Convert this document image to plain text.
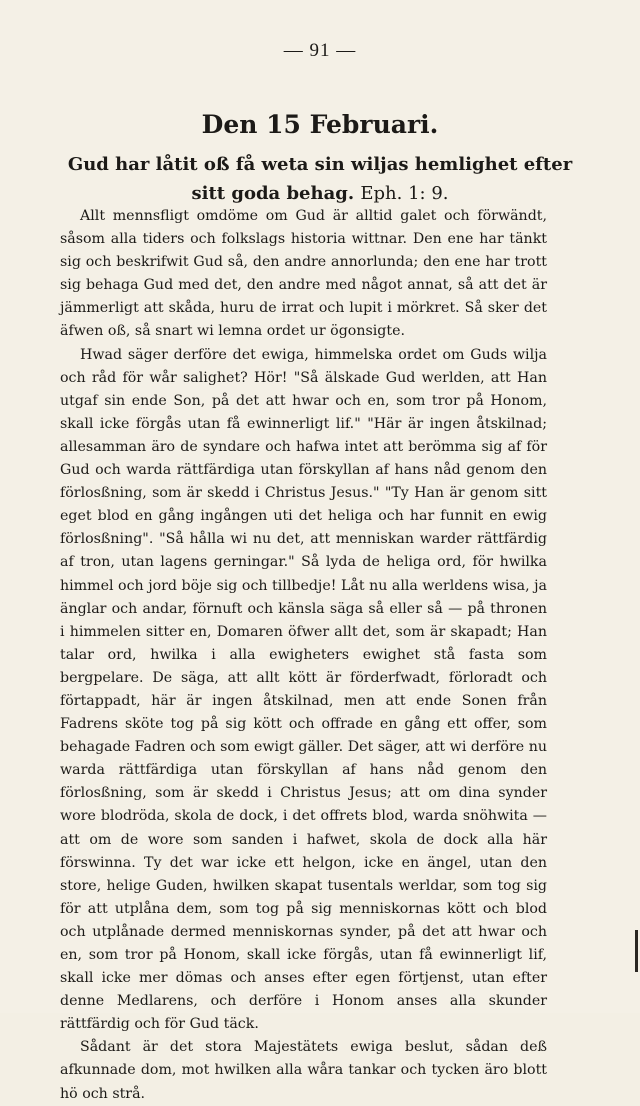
— 91 —
Den 15 Februari.
Gud har låtit oß få weta sin wiljas hemlighet efter sitt goda behag. Eph. 1: 9.

Allt mennsfligt omdöme om Gud är alltid galet och förwändt, såsom alla tiders och folkslags historia wittnar. Den ene har tänkt sig och beskrifwit Gud så, den andre annorlunda; den ene har trott sig behaga Gud med det, den andre med något annat, så att det är jämmerligt att skåda, huru de irrat och lupit i mörkret. Så sker det äfwen oß, så snart wi lemna ordet ur ögonsigte.

Hwad säger derföre det ewiga, himmelska ordet om Guds wilja och råd för wår salighet? Hör! "Så älskade Gud werlden, att Han utgaf sin ende Son, på det att hwar och en, som tror på Honom, skall icke förgås utan få ewinnerligt lif." "Här är ingen åtskilnad; allesamman äro de syndare och hafwa intet att berömma sig af för Gud och warda rättfärdiga utan förskyllan af hans nåd genom den förlosßning, som är skedd i Christus Jesus." "Ty Han är genom sitt eget blod en gång ingången uti det heliga och har funnit en ewig förlosßning". "Så hålla wi nu det, att menniskan warder rättfärdig af tron, utan lagens gerningar." Så lyda de heliga ord, för hwilka himmel och jord böje sig och tillbedje! Låt nu alla werldens wisa, ja änglar och andar, förnuft och känsla säga så eller så — på thronen i himmelen sitter en, Domaren öfwer allt det, som är skapadt; Han talar ord, hwilka i alla ewigheters ewighet stå fasta som bergpelare. De säga, att allt kött är förderfwadt, förloradt och förtappadt, här är ingen åtskilnad, men att ende Sonen från Fadrens sköte tog på sig kött och offrade en gång ett offer, som behagade Fadren och som ewigt gäller. Det säger, att wi derföre nu warda rättfärdiga utan förskyllan af hans nåd genom den förlosßning, som är skedd i Christus Jesus; att om dina synder wore blodröda, skola de dock, i det offrets blod, warda snöhwita — att om de wore som sanden i hafwet, skola de dock alla här förswinna. Ty det war icke ett helgon, icke en ängel, utan den store, helige Guden, hwilken skapat tusentals werldar, som tog sig för att utplåna dem, som tog på sig menniskornas kött och blod och utplånade dermed menniskornas synder, på det att hwar och en, som tror på Honom, skall icke förgås, utan få ewinnerligt lif, skall icke mer dömas och anses efter egen förtjenst, utan efter denne Medlarens, och derföre i Honom anses alla skunder rättfärdig och för Gud täck.

Sådant är det stora Majestätets ewiga beslut, sådan deß afkunnade dom, mot hwilken alla wåra tankar och tycken äro blott hö och strå.
